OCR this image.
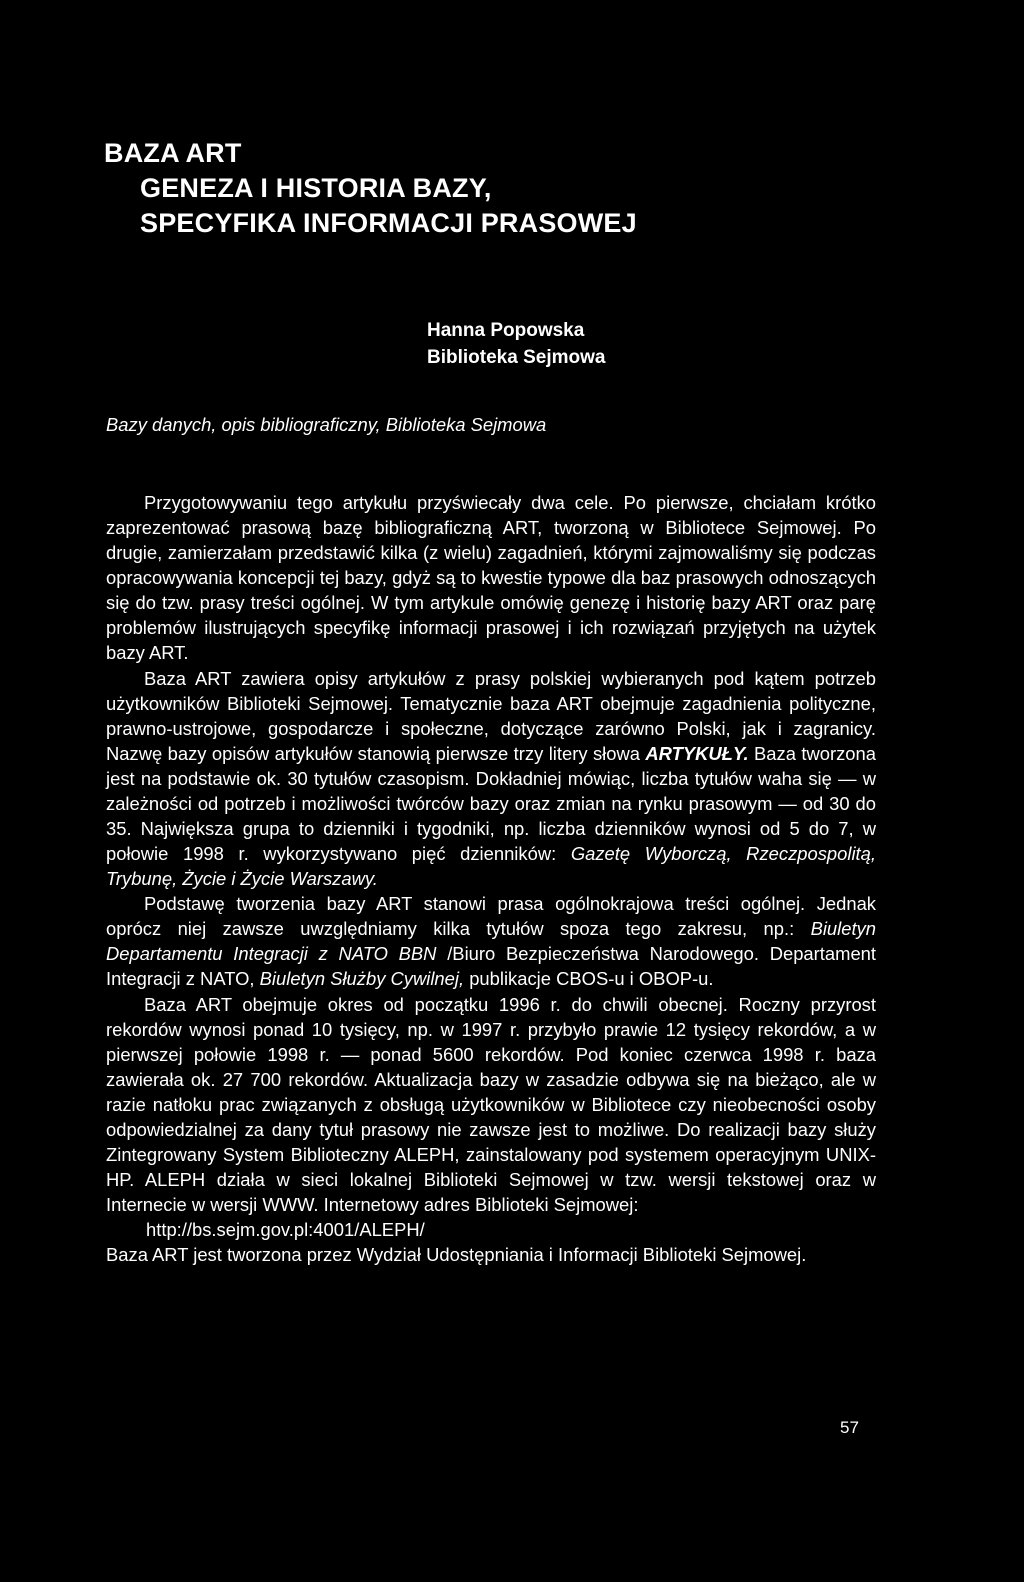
BAZA ART
GENEZA I HISTORIA BAZY,
SPECYFIKA INFORMACJI PRASOWEJ
Hanna Popowska
Biblioteka Sejmowa

Bazy danych, opis bibliograficzny, Biblioteka Sejmowa

Przygotowywaniu tego artykułu przyświecały dwa cele. Po pierwsze, chciałam krótko zaprezentować prasową bazę bibliograficzną ART, tworzoną w Bibliotece Sejmowej. Po drugie, zamierzałam przedstawić kilka (z wielu) zagadnień, którymi zajmowaliśmy się podczas opracowywania koncepcji tej bazy, gdyż są to kwestie typowe dla baz prasowych odnoszących się do tzw. prasy treści ogólnej. W tym artykule omówię genezę i historię bazy ART oraz parę problemów ilustrujących specyfikę informacji prasowej i ich rozwiązań przyjętych na użytek bazy ART.

Baza ART zawiera opisy artykułów z prasy polskiej wybieranych pod kątem potrzeb użytkowników Biblioteki Sejmowej. Tematycznie baza ART obejmuje zagadnienia polityczne, prawno-ustrojowe, gospodarcze i społeczne, dotyczące zarówno Polski, jak i zagranicy. Nazwę bazy opisów artykułów stanowią pierwsze trzy litery słowa ARTYKUŁY. Baza tworzona jest na podstawie ok. 30 tytułów czasopism. Dokładniej mówiąc, liczba tytułów waha się — w zależności od potrzeb i możliwości twórców bazy oraz zmian na rynku prasowym — od 30 do 35. Największa grupa to dzienniki i tygodniki, np. liczba dzienników wynosi od 5 do 7, w połowie 1998 r. wykorzystywano pięć dzienników: Gazetę Wyborczą, Rzeczpospolitą, Trybunę, Życie i Życie Warszawy.

Podstawę tworzenia bazy ART stanowi prasa ogólnokrajowa treści ogólnej. Jednak oprócz niej zawsze uwzględniamy kilka tytułów spoza tego zakresu, np.: Biuletyn Departamentu Integracji z NATO BBN /Biuro Bezpieczeństwa Narodowego. Departament Integracji z NATO, Biuletyn Służby Cywilnej, publikacje CBOS-u i OBOP-u.

Baza ART obejmuje okres od początku 1996 r. do chwili obecnej. Roczny przyrost rekordów wynosi ponad 10 tysięcy, np. w 1997 r. przybyło prawie 12 tysięcy rekordów, a w pierwszej połowie 1998 r. — ponad 5600 rekordów. Pod koniec czerwca 1998 r. baza zawierała ok. 27 700 rekordów. Aktualizacja bazy w zasadzie odbywa się na bieżąco, ale w razie natłoku prac związanych z obsługą użytkowników w Bibliotece czy nieobecności osoby odpowiedzialnej za dany tytuł prasowy nie zawsze jest to możliwe. Do realizacji bazy służy Zintegrowany System Biblioteczny ALEPH, zainstalowany pod systemem operacyjnym UNIX-HP. ALEPH działa w sieci lokalnej Biblioteki Sejmowej w tzw. wersji tekstowej oraz w Internecie w wersji WWW. Internetowy adres Biblioteki Sejmowej:

http://bs.sejm.gov.pl:4001/ALEPH/

Baza ART jest tworzona przez Wydział Udostępniania i Informacji Biblioteki Sejmowej.

57
